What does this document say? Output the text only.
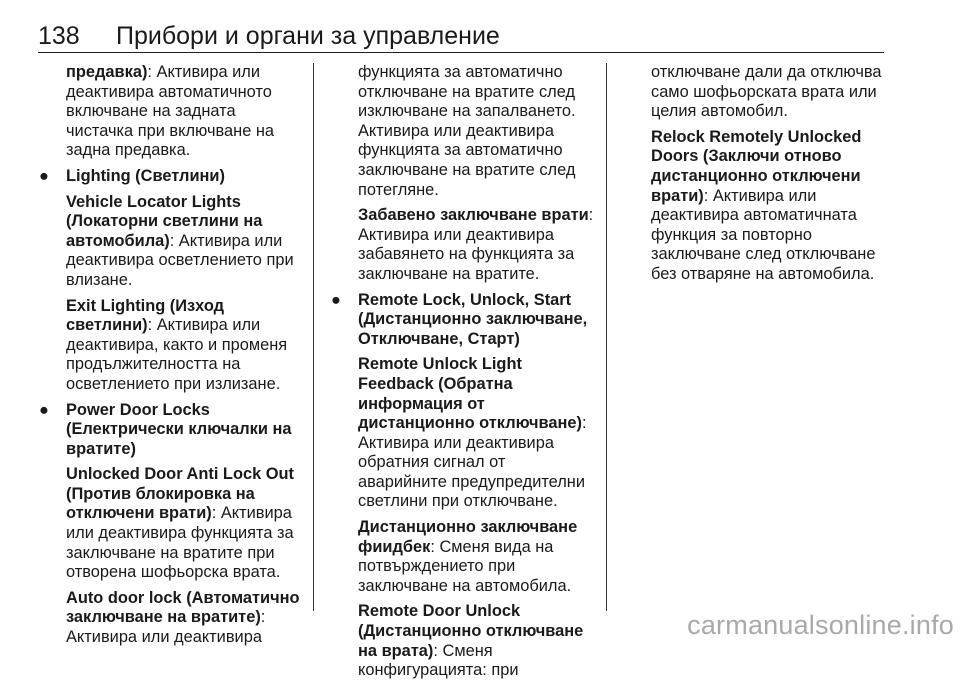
138 Прибори и органи за управление

предавка): Активира или деактивира автоматичното включване на задната чистачка при включване на задна предавка.

● Lighting (Светлини)

Vehicle Locator Lights (Локаторни светлини на автомобила): Активира или деактивира осветлението при влизане.

Exit Lighting (Изход светлини): Активира или деактивира, както и променя продължителността на осветлението при излизане.

● Power Door Locks (Електрически ключалки на вратите)

Unlocked Door Anti Lock Out (Против блокировка на отключени врати): Активира или деактивира функцията за заключване на вратите при отворена шофьорска врата.

Auto door lock (Автоматично заключване на вратите): Активира или деактивира

функцията за автоматично отключване на вратите след изключване на запалването. Активира или деактивира функцията за автоматично заключване на вратите след потегляне.

Забавено заключване врати: Активира или деактивира забавянето на функцията за заключване на вратите.

● Remote Lock, Unlock, Start (Дистанционно заключване, Отключване, Старт)

Remote Unlock Light Feedback (Обратна информация от дистанционно отключване): Активира или деактивира обратния сигнал от аварийните предупредителни светлини при отключване.

Дистанционно заключване фиидбек: Сменя вида на потвърждението при заключване на автомобила.

Remote Door Unlock (Дистанционно отключване на врата): Сменя конфигурацията: при

отключване дали да отключва само шофьорската врата или целия автомобил.

Relock Remotely Unlocked Doors (Заключи отново дистанционно отключени врати): Активира или деактивира автоматичната функция за повторно заключване след отключване без отваряне на автомобила.

carmanualsonline.info
